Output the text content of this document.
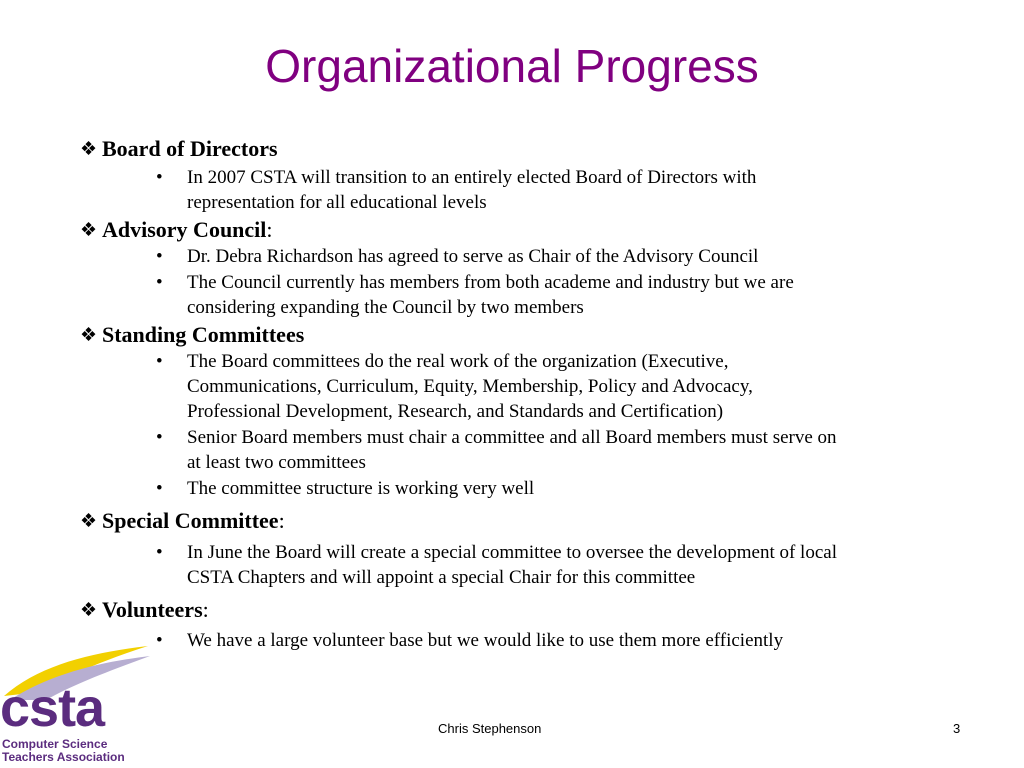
Organizational Progress
❖ Board of Directors
• In 2007 CSTA will transition to an entirely elected Board of Directors with
representation for all educational levels
❖ Advisory Council:
• Dr. Debra Richardson has agreed to serve as Chair of the Advisory Council
• The Council currently has members from both academe and industry but we are
considering expanding the Council by two members
❖ Standing Committees
• The Board committees do the real work of the organization (Executive,
Communications, Curriculum, Equity, Membership, Policy and Advocacy,
Professional Development, Research, and Standards and Certification)
• Senior Board members must chair a committee and all Board members must serve on
at least two committees
• The committee structure is working very well
❖ Special Committee:
• In June the Board will create a special committee to oversee the development of local
CSTA Chapters and will appoint a special Chair for this committee
❖ Volunteers:
• We have a large volunteer base but we would like to use them more efficiently
csta
Computer Science
Teachers Association
Chris Stephenson	3
